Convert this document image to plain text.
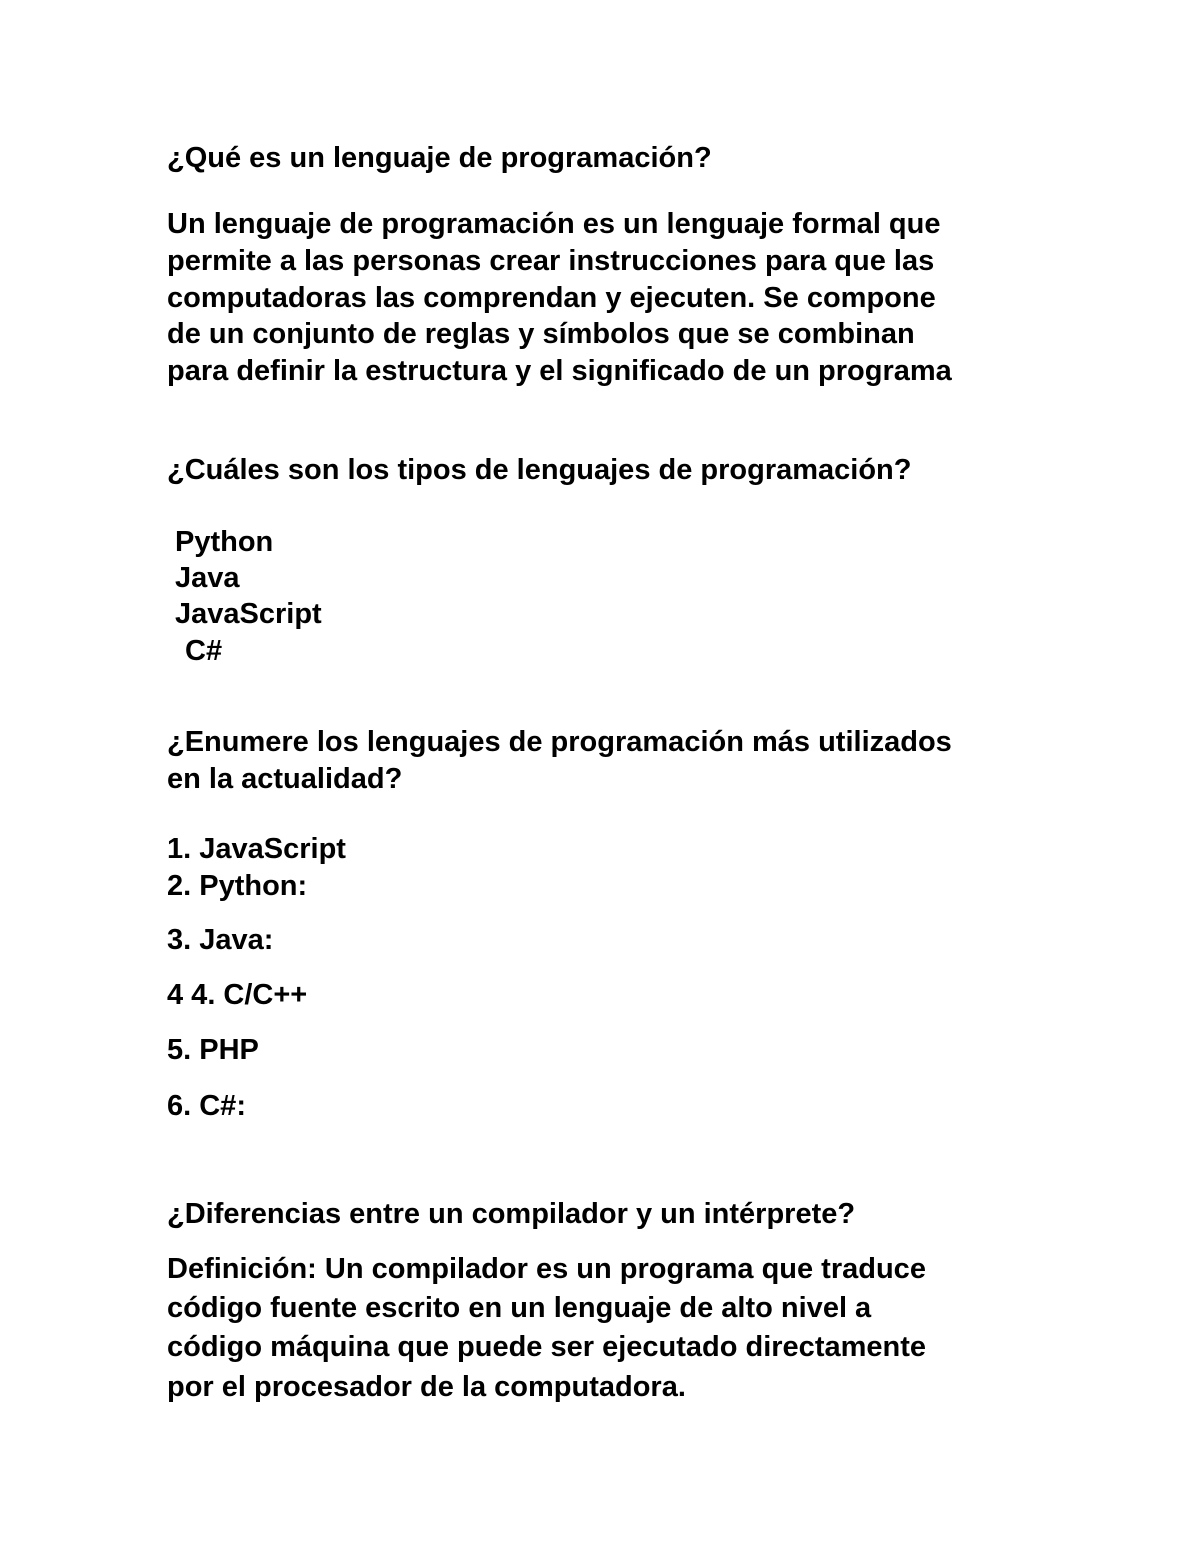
¿Qué es un lenguaje de programación?
Un lenguaje de programación es un lenguaje formal que
permite a las personas crear instrucciones para que las
computadoras las comprendan y ejecuten. Se compone
de un conjunto de reglas y símbolos que se combinan
para definir la estructura y el significado de un programa
¿Cuáles son los tipos de lenguajes de programación?
Python
Java
JavaScript
C#
¿Enumere los lenguajes de programación más utilizados
en la actualidad?
1. JavaScript
2. Python:
3. Java:
4 4. C/C++
5. PHP
6. C#:
¿Diferencias entre un compilador y un intérprete?
Definición: Un compilador es un programa que traduce
código fuente escrito en un lenguaje de alto nivel a
código máquina que puede ser ejecutado directamente
por el procesador de la computadora.
